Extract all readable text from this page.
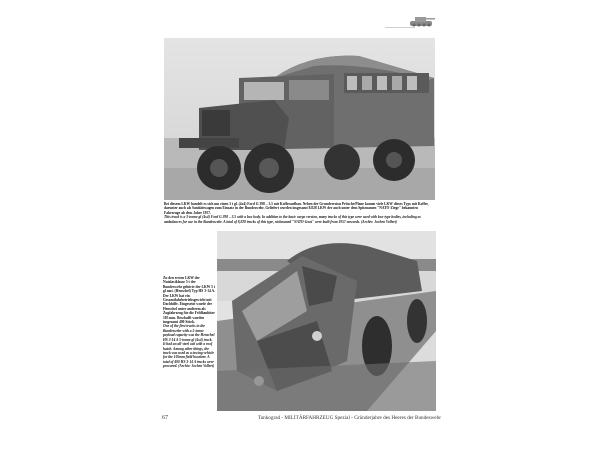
Bei diesem LKW handelt es sich um einen 3 t gl. (4x4) Ford G 398 – 3.5 mit Kofferaufbau. Neben der Grundversion Pritsche/Plane kamen viele LKW dieses Typs mit Koffer, darunter auch als Sanitätswagen zum Einsatz in der Bundeswehr. Geliefert wurden insgesamt 8.828 LKW der auch unter dem Spitznamen "NATO-Ziege" bekannten Fahrzeuge ab dem Jahre 1957.
This truck is a 3-tonne gl (4x4) Ford G 398 – 3.5 with a box body. In addition to the basic cargo version, many trucks of this type were used with box-type bodies, including as ambulances for use in the Bundeswehr. A total of 8,828 trucks of this type, nicknamed "NATO-Goat" were built from 1957 onwards. (Archiv: Jochen Vollert)
Zu den ersten LKW der Nutzlastklasse 5 t der Bundeswehr gehörte der LKW 5 t gl mot. (Henschel) Typ HS 3-14 A. Der LKW hat ein Gesamtfahrbetriebsgewicht mit Dachhilfe. Eingesetzt wurde der Henschel unter anderem als Zugfahrzeug für die Feldhaubitze 105 mm. Beschafft wurden insgesamt 400 Stück.
One of the first trucks in the Bundeswehr with a 5-tonne payload capacity was the Henschel HS 3-14 A 5-tonne gl (4x4) truck. It had an all-steel cab with a roof hatch. Among other things, the truck was used as a towing vehicle for the 105mm field howitzer. A total of 400 HS 3-14 A trucks were procured. (Archiv: Jochen Vollert)
67	Tankograd - MILITÄRFAHRZEUG Spezial - Gründerjahre des Heeres der Bundeswehr
